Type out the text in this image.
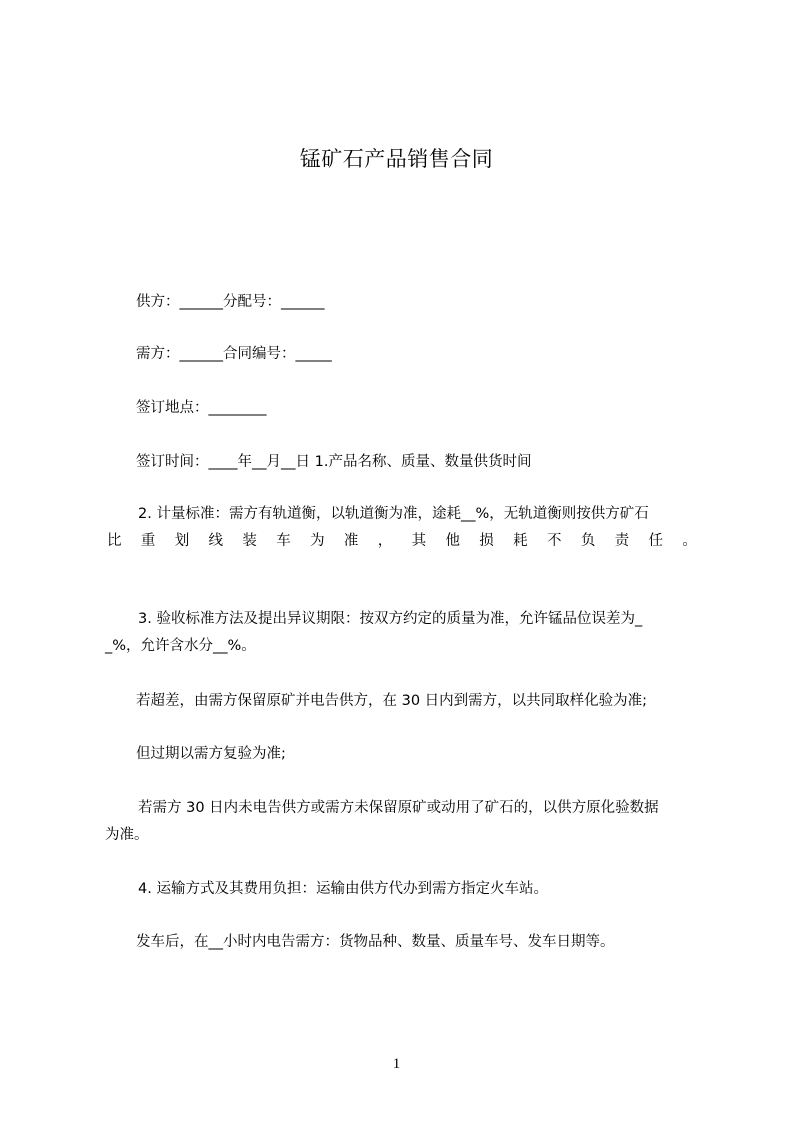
锰矿石产品销售合同
供方：______分配号：______
需方：______合同编号：_____
签订地点：________
签订时间：____年__月__日 1.产品名称、质量、数量供货时间
2. 计量标准：需方有轨道衡，以轨道衡为准，途耗__%，无轨道衡则按供方矿石
比 重 划 线 装 车 为 准 ， 其 他 损 耗 不 负 责 任 。
3. 验收标准方法及提出异议期限：按双方约定的质量为准，允许锰品位误差为_
_%，允许含水分__%。
若超差，由需方保留原矿并电告供方，在 30 日内到需方，以共同取样化验为准;
但过期以需方复验为准;
若需方 30 日内未电告供方或需方未保留原矿或动用了矿石的，以供方原化验数据
为准。
4. 运输方式及其费用负担：运输由供方代办到需方指定火车站。
发车后，在__小时内电告需方：货物品种、数量、质量车号、发车日期等。
1
